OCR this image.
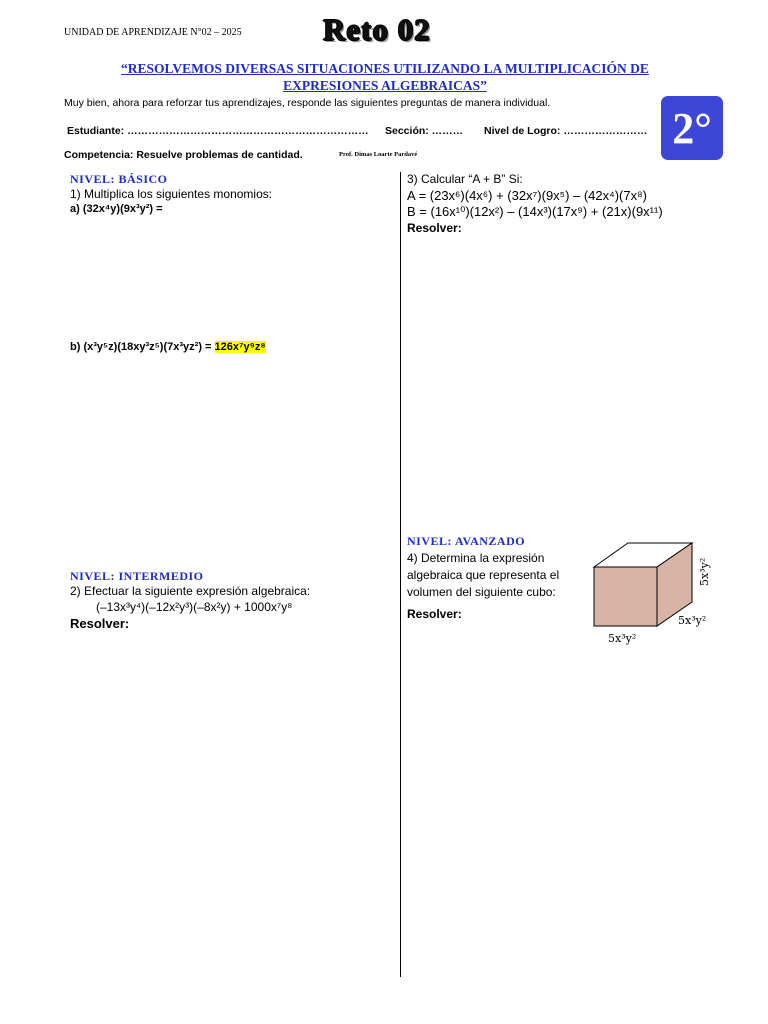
UNIDAD DE APRENDIZAJE N°02 – 2025	Reto 02
“RESOLVEMOS DIVERSAS SITUACIONES UTILIZANDO LA MULTIPLICACIÓN DE
EXPRESIONES ALGEBRAICAS”
Muy bien, ahora para reforzar tus aprendizajes, responde las siguientes preguntas de manera individual.
2°
Estudiante: …………………………………………………………… Sección: ……… Nivel de Logro: ……………………
Competencia: Resuelve problemas de cantidad.	Prof. Dimas Loarte Pardavé
NIVEL: BÁSICO
1) Multiplica los siguientes monomios:
a) (32x⁴y)(9x³y²) =
b) (x³y⁵z)(18xy³z⁵)(7x³yz²) = 126x⁷y⁹z⁸
NIVEL: INTERMEDIO
2) Efectuar la siguiente expresión algebraica:
(–13x³y⁴)(–12x²y³)(–8x²y) + 1000x⁷y⁸
Resolver:
3) Calcular “A + B” Si:
A = (23x⁶)(4x⁶) + (32x⁷)(9x⁵) – (42x⁴)(7x⁸)
B = (16x¹⁰)(12x²) – (14x³)(17x⁹) + (21x)(9x¹¹)
Resolver:
NIVEL: AVANZADO
4) Determina la expresión
algebraica que representa el
volumen del siguiente cubo:
Resolver:
5x³y²
5x³y²
5x³y²
